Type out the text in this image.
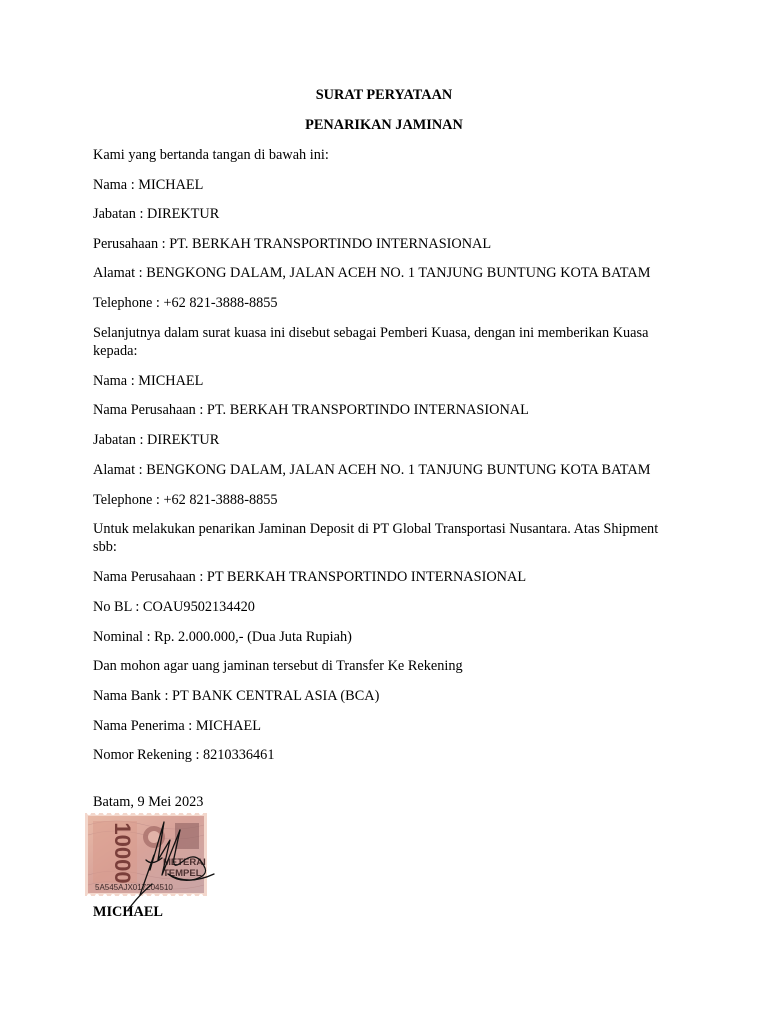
SURAT PERYATAAN
PENARIKAN JAMINAN
Kami yang bertanda tangan di bawah ini:
Nama : MICHAEL
Jabatan : DIREKTUR
Perusahaan : PT. BERKAH TRANSPORTINDO INTERNASIONAL
Alamat : BENGKONG DALAM, JALAN ACEH NO. 1 TANJUNG BUNTUNG KOTA BATAM
Telephone : +62 821-3888-8855
Selanjutnya dalam surat kuasa ini disebut sebagai Pemberi Kuasa, dengan ini memberikan Kuasa kepada:
Nama : MICHAEL
Nama Perusahaan : PT. BERKAH TRANSPORTINDO INTERNASIONAL
Jabatan : DIREKTUR
Alamat : BENGKONG DALAM, JALAN ACEH NO. 1 TANJUNG BUNTUNG KOTA BATAM
Telephone : +62 821-3888-8855
Untuk melakukan penarikan Jaminan Deposit di PT Global Transportasi Nusantara. Atas Shipment sbb:
Nama Perusahaan : PT BERKAH TRANSPORTINDO INTERNASIONAL
No BL : COAU9502134420
Nominal : Rp. 2.000.000,- (Dua Juta Rupiah)
Dan mohon agar uang jaminan tersebut di Transfer Ke Rekening
Nama Bank : PT BANK CENTRAL ASIA (BCA)
Nama Penerima : MICHAEL
Nomor Rekening : 8210336461
Batam, 9 Mei 2023
10000	METERAI
TEMPEL
5A545AJX017204510
MICHAEL
